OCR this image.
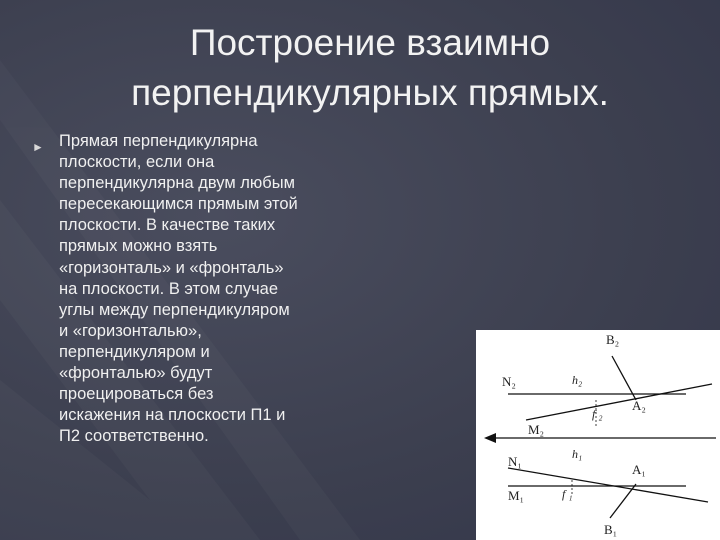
Построение взаимно
перпендикулярных прямых.
► Прямая перпендикулярна
плоскости, если она
перпендикулярна двум любым
пересекающимся прямым этой
плоскости. В качестве таких
прямых можно взять
«горизонталь» и «фронталь»
на плоскости. В этом случае
углы между перпендикуляром
и «горизонталью»,
перпендикуляром и
«фронталью» будут
проецироваться без
искажения на плоскости П1 и
П2 соответственно.
B₂
N₂	h₂
f ₂
A₂
M₂
N₁	h₁
A₁
M₁	f ₁
B₁
